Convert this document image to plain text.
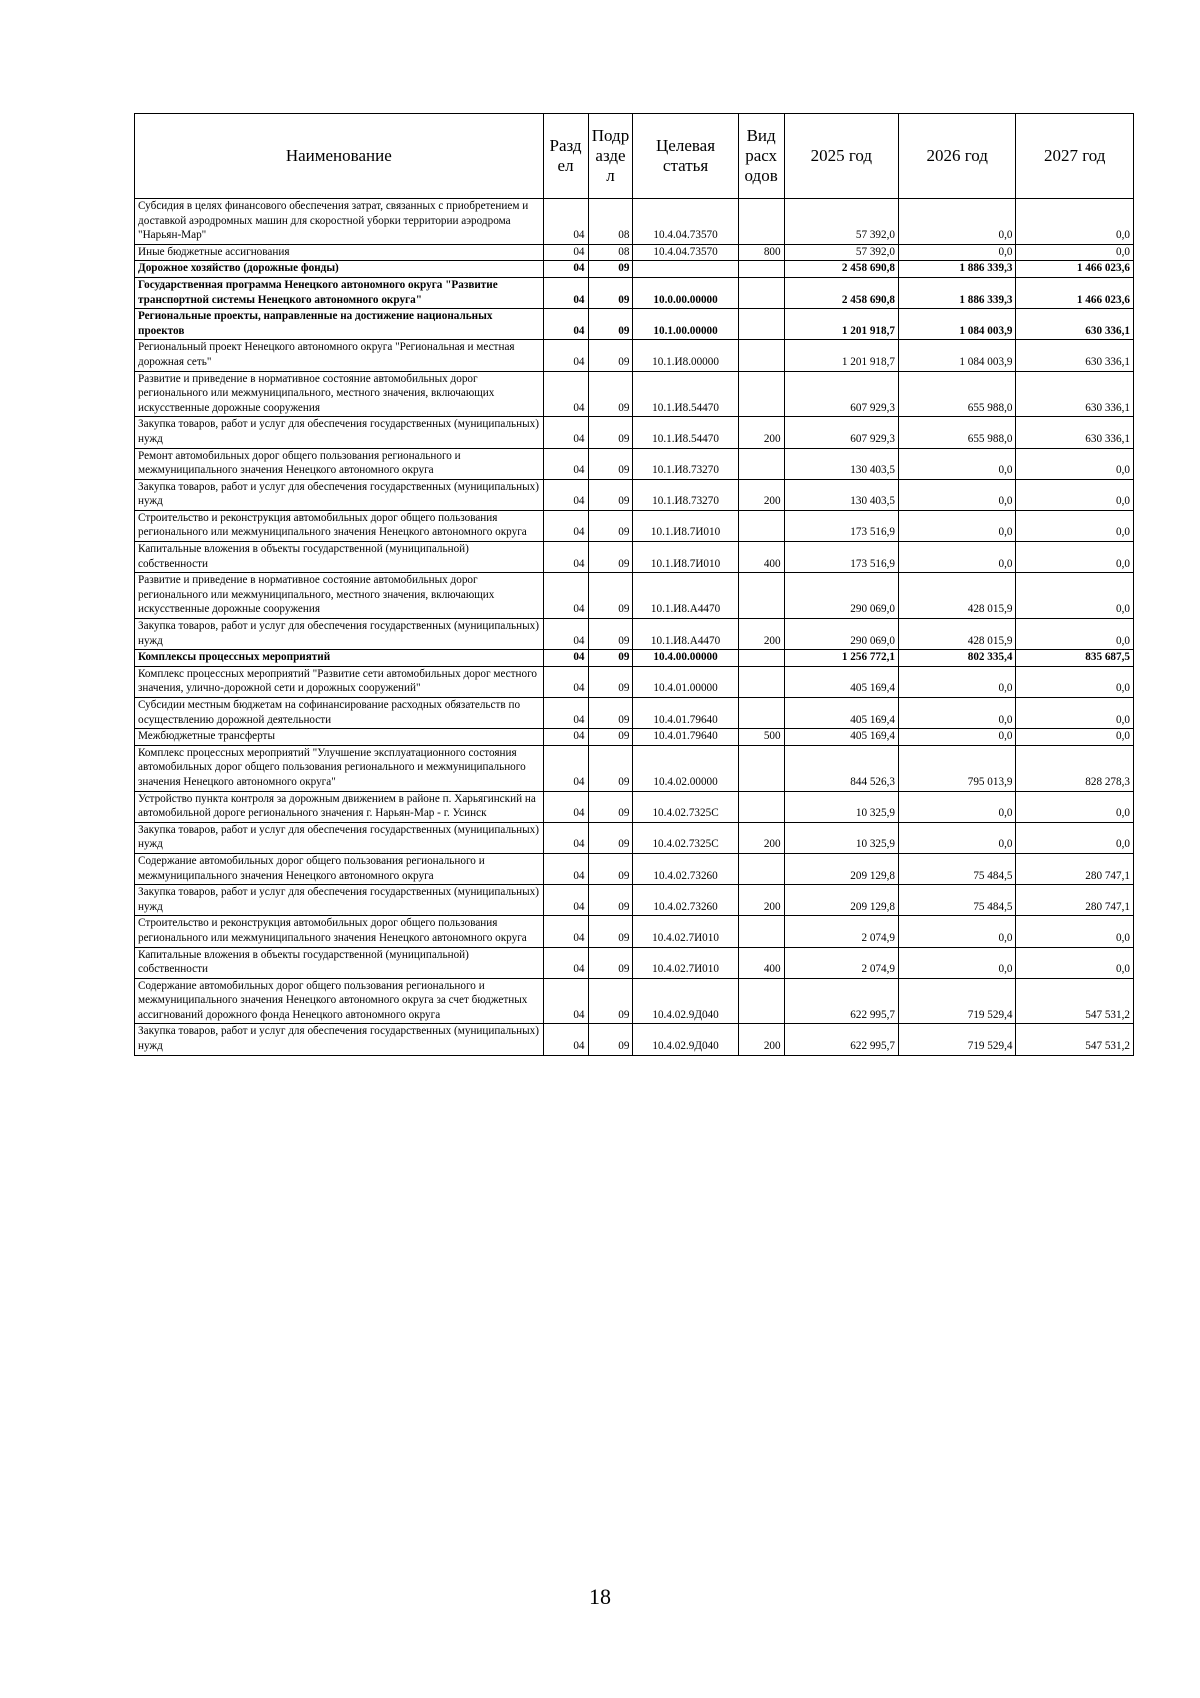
Наименование	Разд ел	Подр азде л	Целевая статья	Вид расх одов	2025 год	2026 год	2027 год
Субсидия в целях финансового обеспечения затрат, связанных с приобретением и доставкой аэродромных машин для скоростной уборки территории аэродрома "Нарьян-Мар"	04	08	10.4.04.73570		57 392,0	0,0	0,0
Иные бюджетные ассигнования	04	08	10.4.04.73570	800	57 392,0	0,0	0,0
Дорожное хозяйство (дорожные фонды)	04	09			2 458 690,8	1 886 339,3	1 466 023,6
Государственная программа Ненецкого автономного округа "Развитие транспортной системы Ненецкого автономного округа"	04	09	10.0.00.00000		2 458 690,8	1 886 339,3	1 466 023,6
Региональные проекты, направленные на достижение национальных проектов	04	09	10.1.00.00000		1 201 918,7	1 084 003,9	630 336,1
Региональный проект Ненецкого автономного округа "Региональная и местная дорожная сеть"	04	09	10.1.И8.00000		1 201 918,7	1 084 003,9	630 336,1
Развитие и приведение в нормативное состояние автомобильных дорог регионального или межмуниципального, местного значения, включающих искусственные дорожные сооружения	04	09	10.1.И8.54470		607 929,3	655 988,0	630 336,1
Закупка товаров, работ и услуг для обеспечения государственных (муниципальных) нужд	04	09	10.1.И8.54470	200	607 929,3	655 988,0	630 336,1
Ремонт автомобильных дорог общего пользования регионального и межмуниципального значения Ненецкого автономного округа	04	09	10.1.И8.73270		130 403,5	0,0	0,0
Закупка товаров, работ и услуг для обеспечения государственных (муниципальных) нужд	04	09	10.1.И8.73270	200	130 403,5	0,0	0,0
Строительство и реконструкция автомобильных дорог общего пользования регионального или межмуниципального значения Ненецкого автономного округа	04	09	10.1.И8.7И010		173 516,9	0,0	0,0
Капитальные вложения в объекты государственной (муниципальной) собственности	04	09	10.1.И8.7И010	400	173 516,9	0,0	0,0
Развитие и приведение в нормативное состояние автомобильных дорог регионального или межмуниципального, местного значения, включающих искусственные дорожные сооружения	04	09	10.1.И8.А4470		290 069,0	428 015,9	0,0
Закупка товаров, работ и услуг для обеспечения государственных (муниципальных) нужд	04	09	10.1.И8.А4470	200	290 069,0	428 015,9	0,0
Комплексы процессных мероприятий	04	09	10.4.00.00000		1 256 772,1	802 335,4	835 687,5
Комплекс процессных мероприятий "Развитие сети автомобильных дорог местного значения, улично-дорожной сети и дорожных сооружений"	04	09	10.4.01.00000		405 169,4	0,0	0,0
Субсидии местным бюджетам на софинансирование расходных обязательств по осуществлению дорожной деятельности	04	09	10.4.01.79640		405 169,4	0,0	0,0
Межбюджетные трансферты	04	09	10.4.01.79640	500	405 169,4	0,0	0,0
Комплекс процессных мероприятий "Улучшение эксплуатационного состояния автомобильных дорог общего пользования регионального и межмуниципального значения Ненецкого автономного округа"	04	09	10.4.02.00000		844 526,3	795 013,9	828 278,3
Устройство пункта контроля за дорожным движением в районе п. Харьягинский на автомобильной дороге регионального значения г. Нарьян-Мар - г. Усинск	04	09	10.4.02.7325С		10 325,9	0,0	0,0
Закупка товаров, работ и услуг для обеспечения государственных (муниципальных) нужд	04	09	10.4.02.7325С	200	10 325,9	0,0	0,0
Содержание автомобильных дорог общего пользования регионального и межмуниципального значения Ненецкого автономного округа	04	09	10.4.02.73260		209 129,8	75 484,5	280 747,1
Закупка товаров, работ и услуг для обеспечения государственных (муниципальных) нужд	04	09	10.4.02.73260	200	209 129,8	75 484,5	280 747,1
Строительство и реконструкция автомобильных дорог общего пользования регионального или межмуниципального значения Ненецкого автономного округа	04	09	10.4.02.7И010		2 074,9	0,0	0,0
Капитальные вложения в объекты государственной (муниципальной) собственности	04	09	10.4.02.7И010	400	2 074,9	0,0	0,0
Содержание автомобильных дорог общего пользования регионального и межмуниципального значения Ненецкого автономного округа за счет бюджетных ассигнований дорожного фонда Ненецкого автономного округа	04	09	10.4.02.9Д040		622 995,7	719 529,4	547 531,2
Закупка товаров, работ и услуг для обеспечения государственных (муниципальных) нужд	04	09	10.4.02.9Д040	200	622 995,7	719 529,4	547 531,2
18
